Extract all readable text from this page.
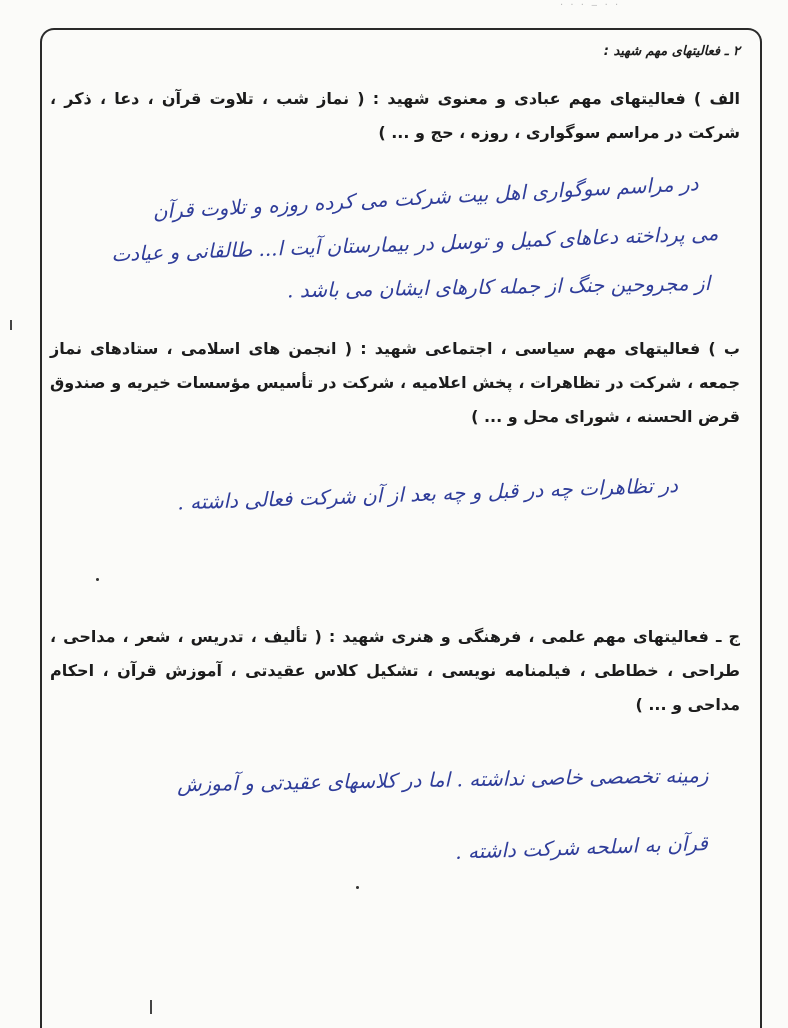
· · · ‒ · ·
۲ ـ فعالیتهای مهم شهید :
الف ) فعالیتهای مهم عبادی و معنوی شهید : ( نماز شب ، تلاوت قرآن ، دعا ، ذکر ، شرکت در مراسم سوگواری ، روزه ، حج و ... )
در مراسم سوگواری اهل بیت شرکت می کرده روزه و تلاوت قرآن
می پرداخته دعاهای کمیل و توسل در بیمارستان آیت ا... طالقانی و عیادت
از مجروحین جنگ از جمله کارهای ایشان می باشد .
ب ) فعالیتهای مهم سیاسی ، اجتماعی شهید : ( انجمن های اسلامی ، ستادهای نماز جمعه ، شرکت در تظاهرات ، پخش اعلامیه ، شرکت در تأسیس مؤسسات خیریه و صندوق قرض الحسنه ، شورای محل و ... )
در تظاهرات چه در قبل و چه بعد از آن شرکت فعالی داشته .
ج ـ فعالیتهای مهم علمی ، فرهنگی و هنری شهید : ( تألیف ، تدریس ، شعر ، مداحی ، طراحی ، خطاطی ، فیلمنامه نویسی ، تشکیل کلاس عقیدتی ، آموزش قرآن ، احکام مداحی و ... )
زمینه تخصصی خاصی نداشته . اما در کلاسهای عقیدتی و آموزش
قرآن به اسلحه شرکت داشته .
